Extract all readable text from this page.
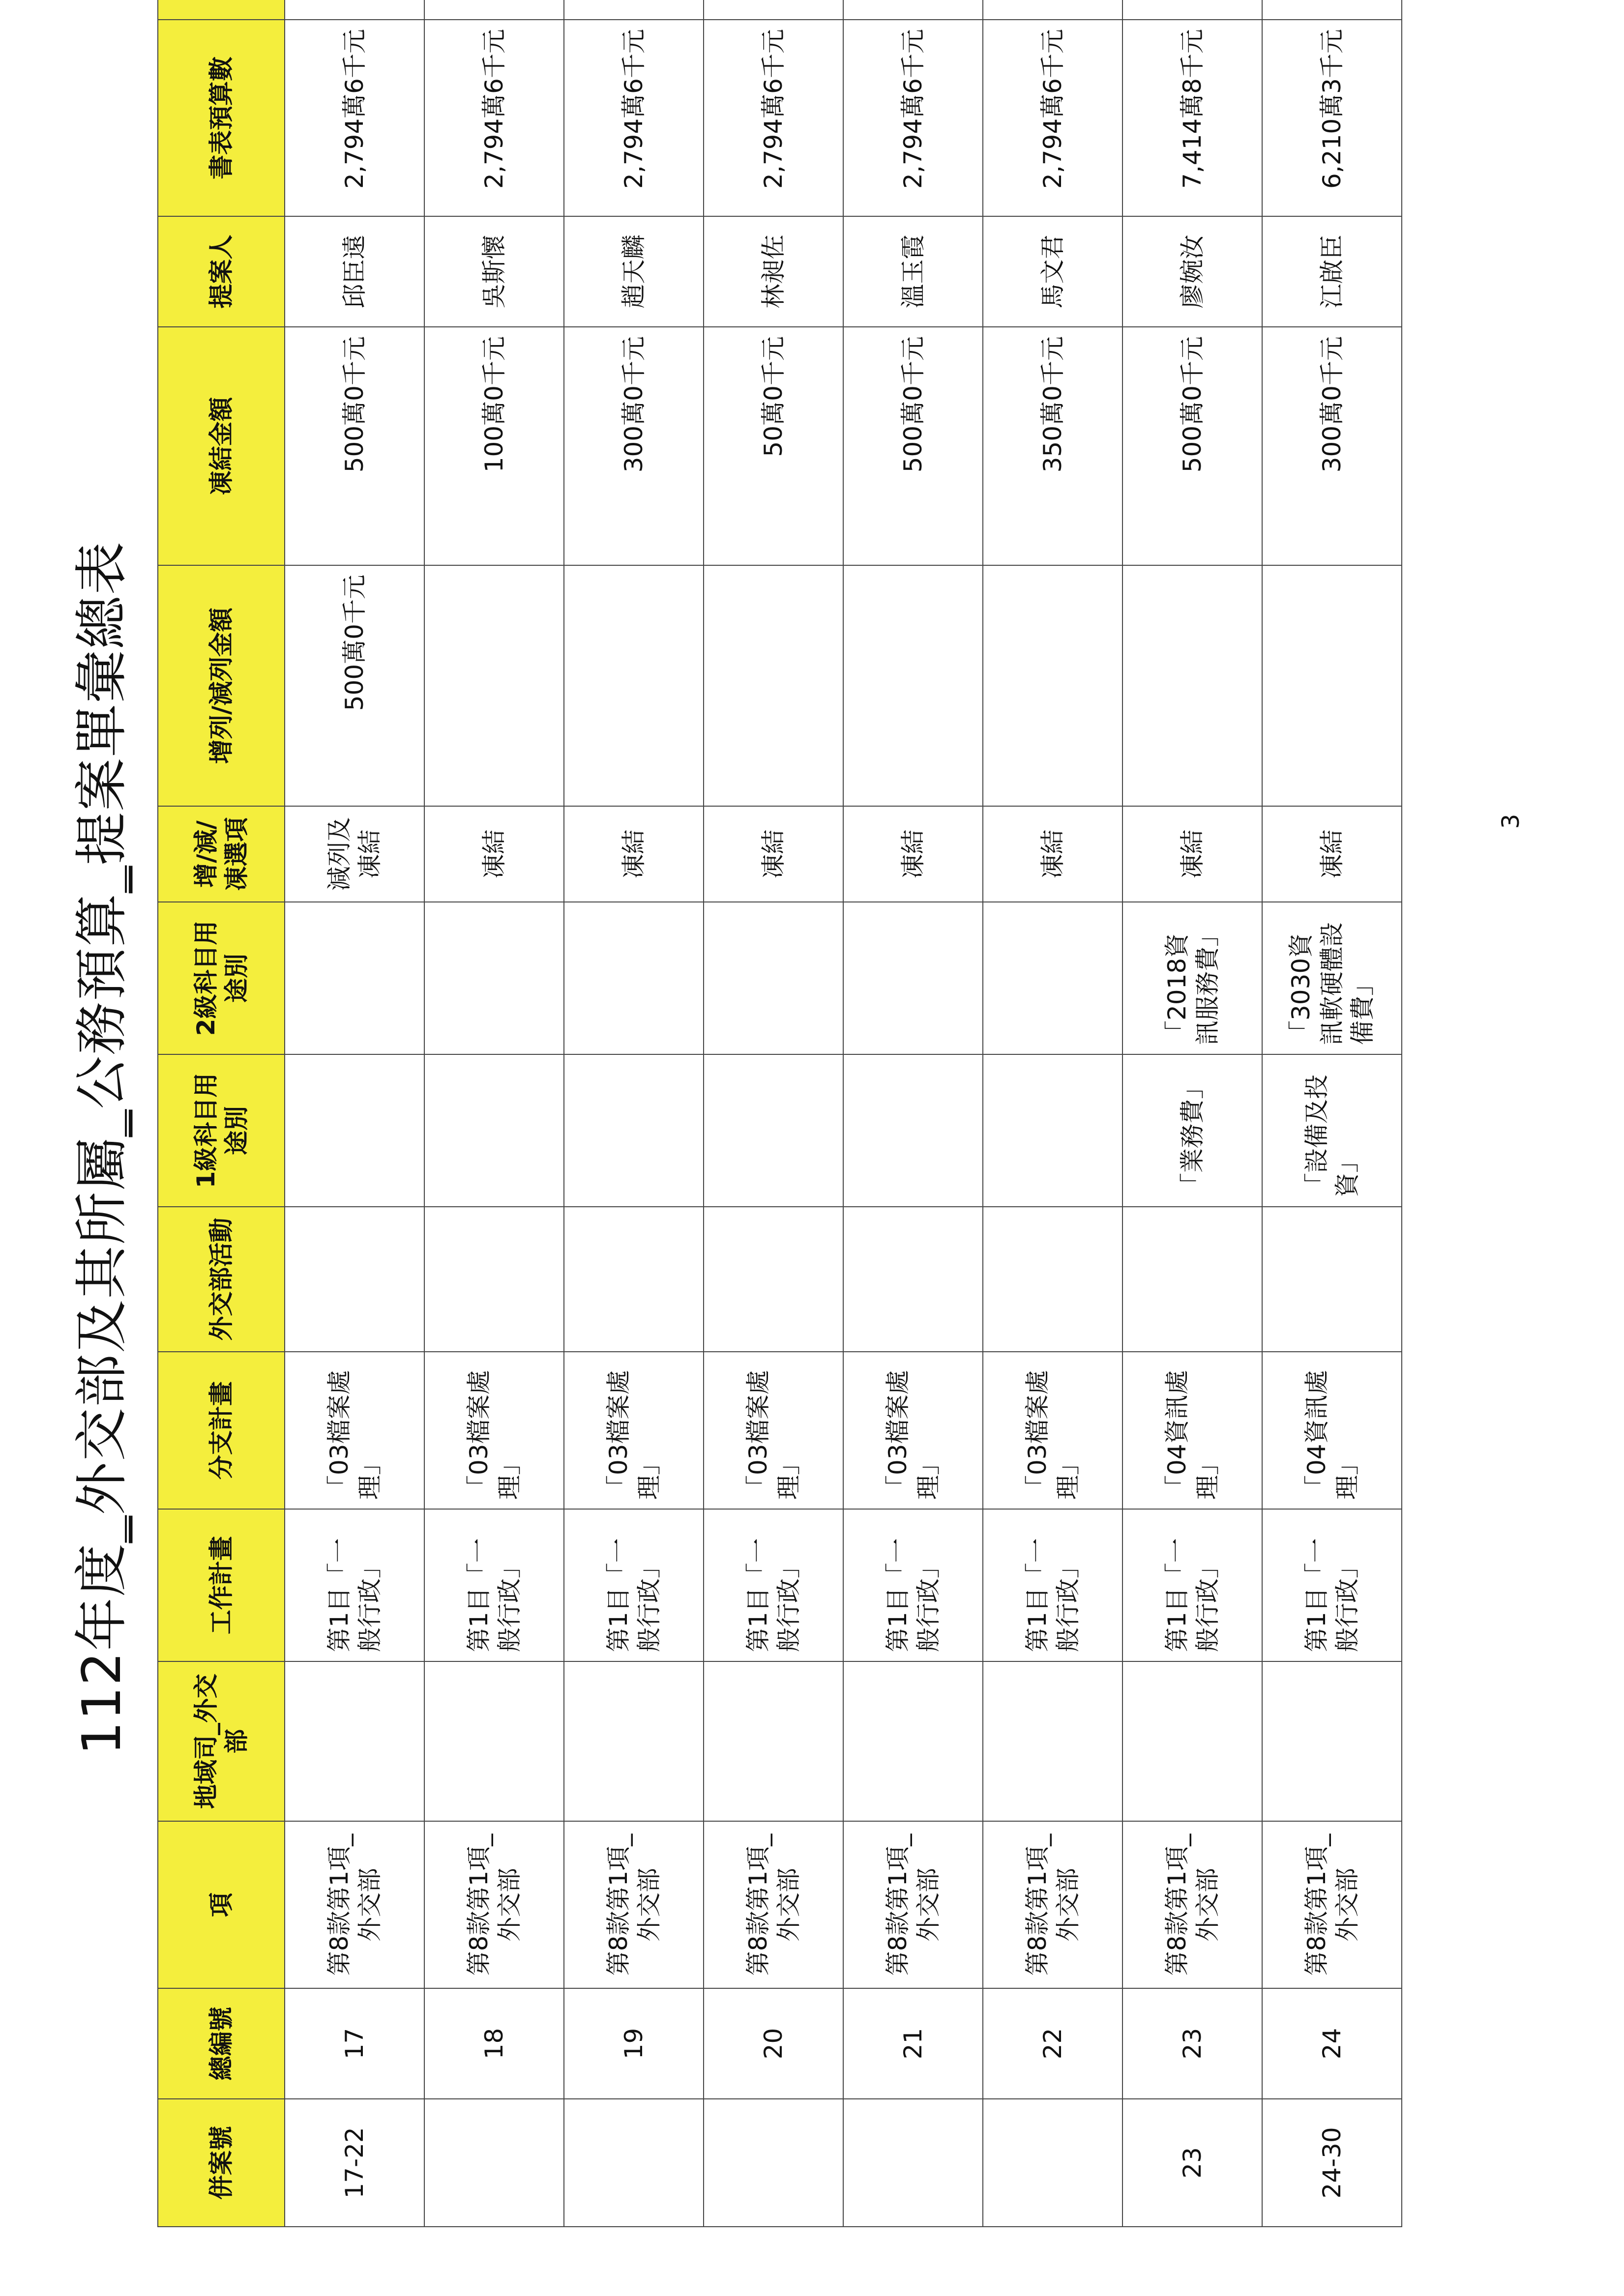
112年度_外交部及其所屬_公務預算_提案單彙總表
併案號	總編號	項	地域司_外交部	工作計畫	分支計畫	外交部活動	1級科目用途別	2級科目用途別	增/減/凍選項	增列/減列金額	凍結金額	提案人	書表預算數	
17-22	17	第8款第1項_外交部		第1目「一般行政」	「03檔案處理」				減列及凍結	500萬0千元	500萬0千元	邱臣遠	2,794萬6千元	
	18	第8款第1項_外交部		第1目「一般行政」	「03檔案處理」				凍結		100萬0千元	吳斯懷	2,794萬6千元	
	19	第8款第1項_外交部		第1目「一般行政」	「03檔案處理」				凍結		300萬0千元	趙天麟	2,794萬6千元	
	20	第8款第1項_外交部		第1目「一般行政」	「03檔案處理」				凍結		50萬0千元	林昶佐	2,794萬6千元	
	21	第8款第1項_外交部		第1目「一般行政」	「03檔案處理」				凍結		500萬0千元	溫玉霞	2,794萬6千元	
	22	第8款第1項_外交部		第1目「一般行政」	「03檔案處理」				凍結		350萬0千元	馬文君	2,794萬6千元	
23	23	第8款第1項_外交部		第1目「一般行政」	「04資訊處理」		「業務費」	「2018資訊服務費」	凍結		500萬0千元	廖婉汝	7,414萬8千元	
24-30	24	第8款第1項_外交部		第1目「一般行政」	「04資訊處理」		「設備及投資」	「3030資訊軟硬體設備費」	凍結		300萬0千元	江啟臣	6,210萬3千元	
3
